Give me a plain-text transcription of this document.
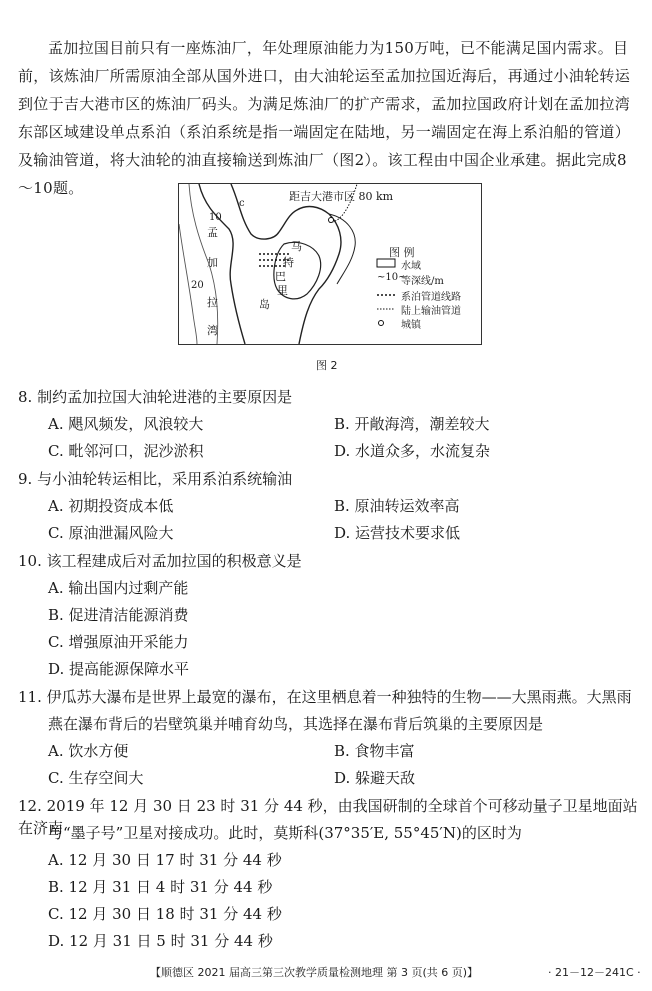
孟加拉国目前只有一座炼油厂，年处理原油能力为150万吨，已不能满足国内需求。目前，该炼油厂所需原油全部从国外进口，由大油轮运至孟加拉国近海后，再通过小油轮转运到位于吉大港市区的炼油厂码头。为满足炼油厂的扩产需求，孟加拉国政府计划在孟加拉湾东部区域建设单点系泊（系泊系统是指一端固定在陆地，另一端固定在海上系泊船的管道）及输油管道，将大油轮的油直接输送到炼油厂（图2）。该工程由中国企业承建。据此完成8～10题。	距吉大港市区 80 km
c
10
20
孟
加
拉
湾
马
特
巴
里
岛
图 例
水域
~10~
等深线/m
系泊管道线路
陆上输油管道
城镇
图 2
8. 制约孟加拉国大油轮进港的主要原因是
A. 飓风频发，风浪较大	B. 开敞海湾，潮差较大
C. 毗邻河口，泥沙淤积	D. 水道众多，水流复杂
9. 与小油轮转运相比，采用系泊系统输油
A. 初期投资成本低	B. 原油转运效率高
C. 原油泄漏风险大	D. 运营技术要求低
10. 该工程建成后对孟加拉国的积极意义是
A. 输出国内过剩产能
B. 促进清洁能源消费
C. 增强原油开采能力
D. 提高能源保障水平
11. 伊瓜苏大瀑布是世界上最宽的瀑布，在这里栖息着一种独特的生物——大黑雨燕。大黑雨
燕在瀑布背后的岩壁筑巢并哺育幼鸟，其选择在瀑布背后筑巢的主要原因是
A. 饮水方便	B. 食物丰富
C. 生存空间大	D. 躲避天敌
12. 2019 年 12 月 30 日 23 时 31 分 44 秒，由我国研制的全球首个可移动量子卫星地面站在济南
与“墨子号”卫星对接成功。此时，莫斯科(37°35′E, 55°45′N)的区时为
A. 12 月 30 日 17 时 31 分 44 秒
B. 12 月 31 日 4 时 31 分 44 秒
C. 12 月 30 日 18 时 31 分 44 秒
D. 12 月 31 日 5 时 31 分 44 秒
【顺德区 2021 届高三第三次教学质量检测地理 第 3 页(共 6 页)】	· 21－12－241C ·
